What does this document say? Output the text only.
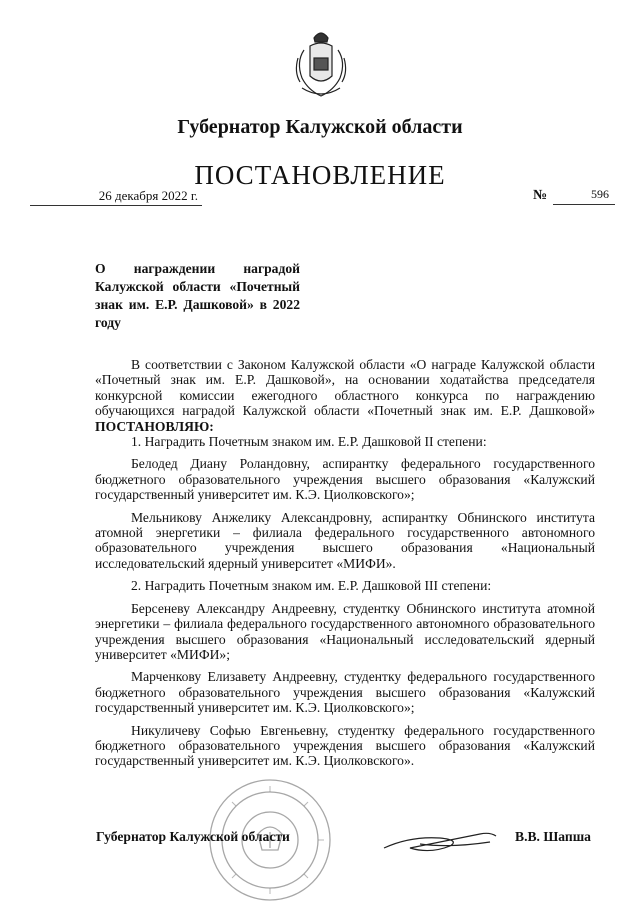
Губернатор Калужской области
ПОСТАНОВЛЕНИЕ
26 декабря 2022 г.	№	596
О награждении наградой Калужской области «Почетный знак им. Е.Р. Дашковой» в 2022 году

В соответствии с Законом Калужской области «О награде Калужской области «Почетный знак им. Е.Р. Дашковой», на основании ходатайства председателя конкурсной комиссии ежегодного областного конкурса по награждению обучающихся наградой Калужской области «Почетный знак им. Е.Р. Дашковой» ПОСТАНОВЛЯЮ:

1. Наградить Почетным знаком им. Е.Р. Дашковой II степени:

Белодед Диану Роландовну, аспирантку федерального государственного бюджетного образовательного учреждения высшего образования «Калужский государственный университет им. К.Э. Циолковского»;

Мельникову Анжелику Александровну, аспирантку Обнинского института атомной энергетики – филиала федерального государственного автономного образовательного учреждения высшего образования «Национальный исследовательский ядерный университет «МИФИ».

2. Наградить Почетным знаком им. Е.Р. Дашковой III степени:

Берсеневу Александру Андреевну, студентку Обнинского института атомной энергетики – филиала федерального государственного автономного образовательного учреждения высшего образования «Национальный исследовательский ядерный университет «МИФИ»;

Марченкову Елизавету Андреевну, студентку федерального государственного бюджетного образовательного учреждения высшего образования «Калужский государственный университет им. К.Э. Циолковского»;

Никуличеву Софью Евгеньевну, студентку федерального государственного бюджетного образовательного учреждения высшего образования «Калужский государственный университет им. К.Э. Циолковского».

Губернатор Калужской области	В.В. Шапша
